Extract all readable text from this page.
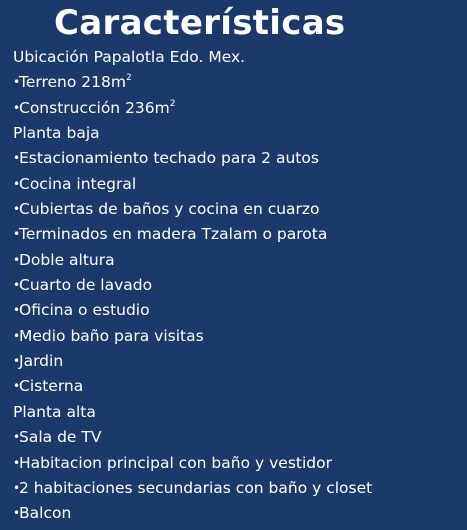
Características
Ubicación Papalotla Edo. Mex.
•Terreno $218m^2$
•Construcción $236m^2$
Planta baja
•Estacionamiento techado para 2 autos
•Cocina integral
•Cubiertas de baños y cocina en cuarzo
•Terminados en madera Tzalam o parota
•Doble altura
•Cuarto de lavado
•Oficina o estudio
•Medio baño para visitas
•Jardin
•Cisterna
Planta alta
•Sala de TV
•Habitacion principal con baño y vestidor
•2 habitaciones secundarias con baño y closet
•Balcon
